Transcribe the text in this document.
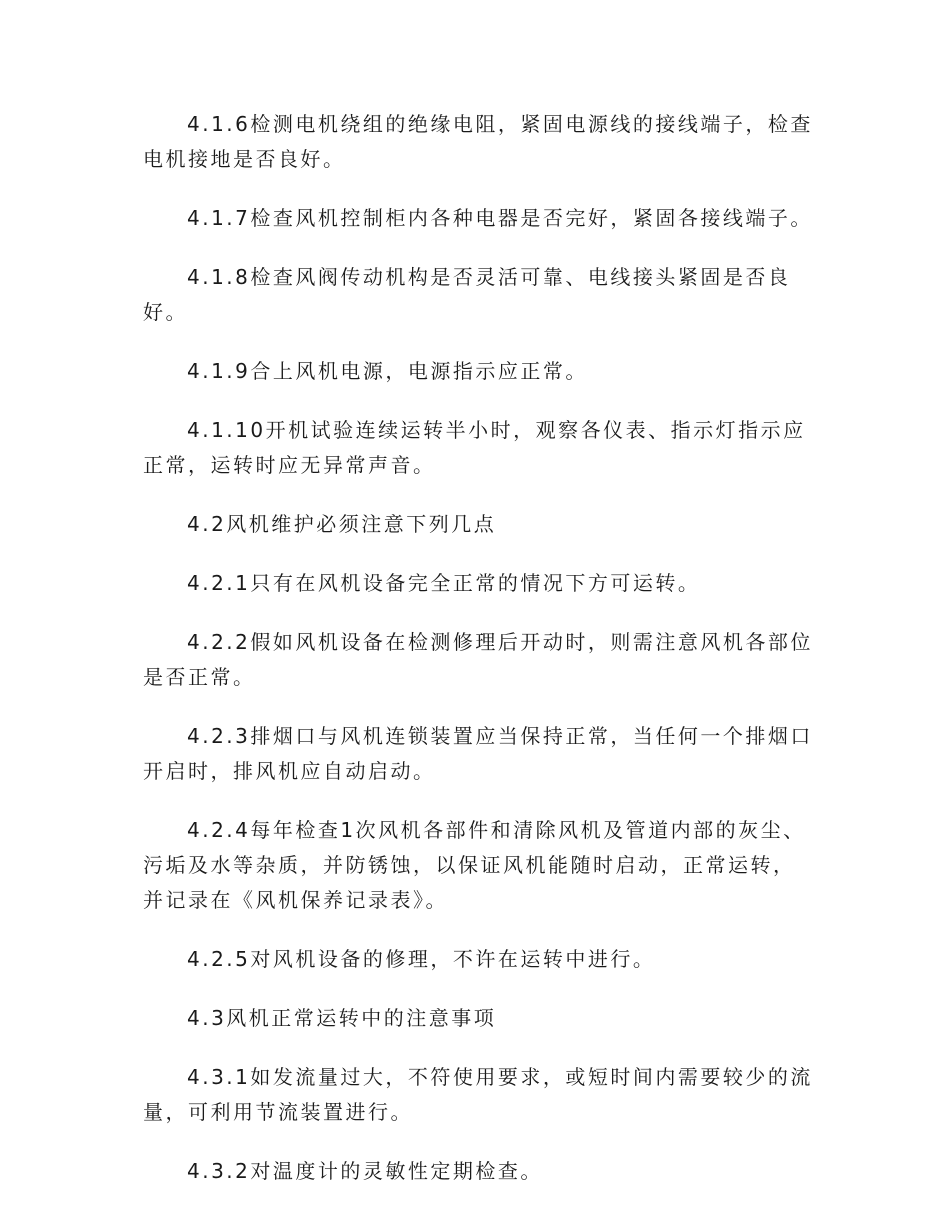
4.1.6检测电机绕组的绝缘电阻，紧固电源线的接线端子，检查电机接地是否良好。

4.1.7检查风机控制柜内各种电器是否完好，紧固各接线端子。

4.1.8检查风阀传动机构是否灵活可靠、电线接头紧固是否良好。

4.1.9合上风机电源，电源指示应正常。

4.1.10开机试验连续运转半小时，观察各仪表、指示灯指示应正常，运转时应无异常声音。

4.2风机维护必须注意下列几点

4.2.1只有在风机设备完全正常的情况下方可运转。

4.2.2假如风机设备在检测修理后开动时，则需注意风机各部位是否正常。

4.2.3排烟口与风机连锁装置应当保持正常，当任何一个排烟口开启时，排风机应自动启动。

4.2.4每年检查1次风机各部件和清除风机及管道内部的灰尘、污垢及水等杂质，并防锈蚀，以保证风机能随时启动，正常运转，并记录在《风机保养记录表》。

4.2.5对风机设备的修理，不许在运转中进行。

4.3风机正常运转中的注意事项

4.3.1如发流量过大，不符使用要求，或短时间内需要较少的流量，可利用节流装置进行。

4.3.2对温度计的灵敏性定期检查。
